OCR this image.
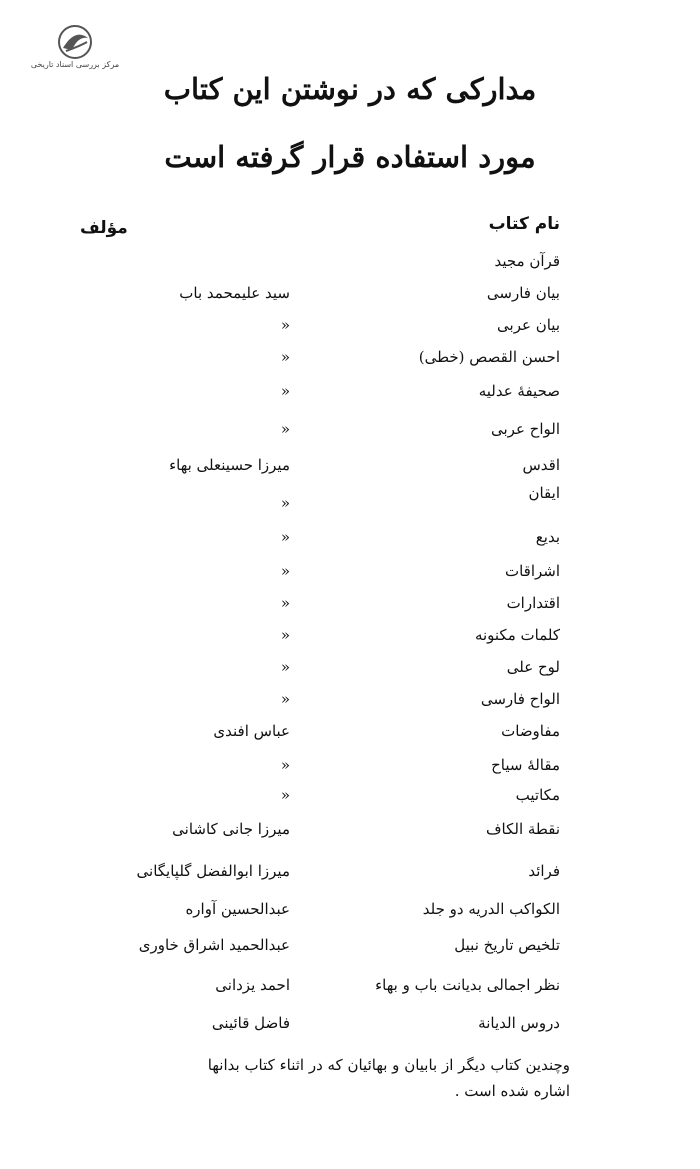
مرکز بررسی اسناد تاریخی
مدارکی که در نوشتن این کتاب
مورد استفاده قرار گرفته است
نام کتاب
مؤلف
قرآن مجید
بیان فارسی
سید علیمحمد باب
بیان عربی
«
احسن القصص (خطی)
«
صحیفهٔ عدلیه
«
الواح عربی
«
اقدس
میرزا حسینعلی بهاء
ایقان
«
بدیع
«
اشراقات
«
اقتدارات
«
کلمات مکنونه
«
لوح علی
«
الواح فارسی
«
مفاوضات
عباس افندی
مقالهٔ سیاح
«
مکاتیب
«
نقطة الکاف
میرزا جانی کاشانی
فرائد
میرزا ابوالفضل گلپایگانی
الکواکب الدریه دو جلد
عبدالحسین آواره
تلخیص تاریخ نبیل
عبدالحمید اشراق خاوری
نظر اجمالی بدیانت باب و بهاء
احمد یزدانی
دروس الدیانة
فاضل قائینی
وچندین کتاب دیگر از بابیان و بهائیان که در اثناء کتاب بدانها
اشاره شده است .
